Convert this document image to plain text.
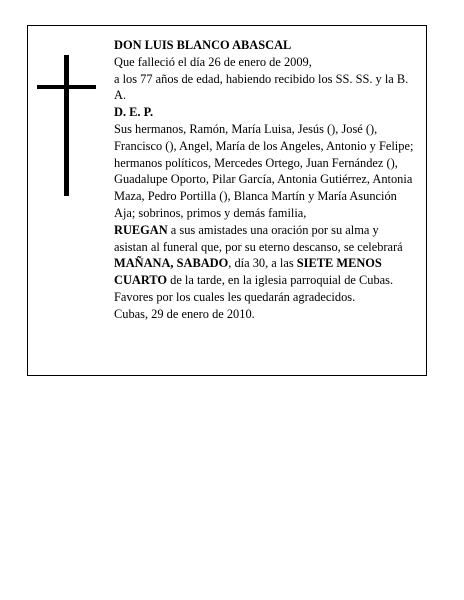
DON LUIS BLANCO ABASCAL

Que falleció el día 26 de enero de 2009,

a los 77 años de edad, habiendo recibido los SS. SS. y la B. A.

D. E. P.

Sus hermanos, Ramón, María Luisa, Jesús (), José (), Francisco (), Angel, María de los Angeles, Antonio y Felipe; hermanos políticos, Mercedes Ortego, Juan Fernández (), Guadalupe Oporto, Pilar García, Antonia Gutiérrez, Antonia Maza, Pedro Portilla (), Blanca Martín y María Asunción Aja; sobrinos, primos y demás familia,

RUEGAN a sus amistades una oración por su alma y asistan al funeral que, por su eterno descanso, se celebrará MAÑANA, SABADO, día 30, a las SIETE MENOS CUARTO de la tarde, en la iglesia parroquial de Cubas. Favores por los cuales les quedarán agradecidos.

Cubas, 29 de enero de 2010.
